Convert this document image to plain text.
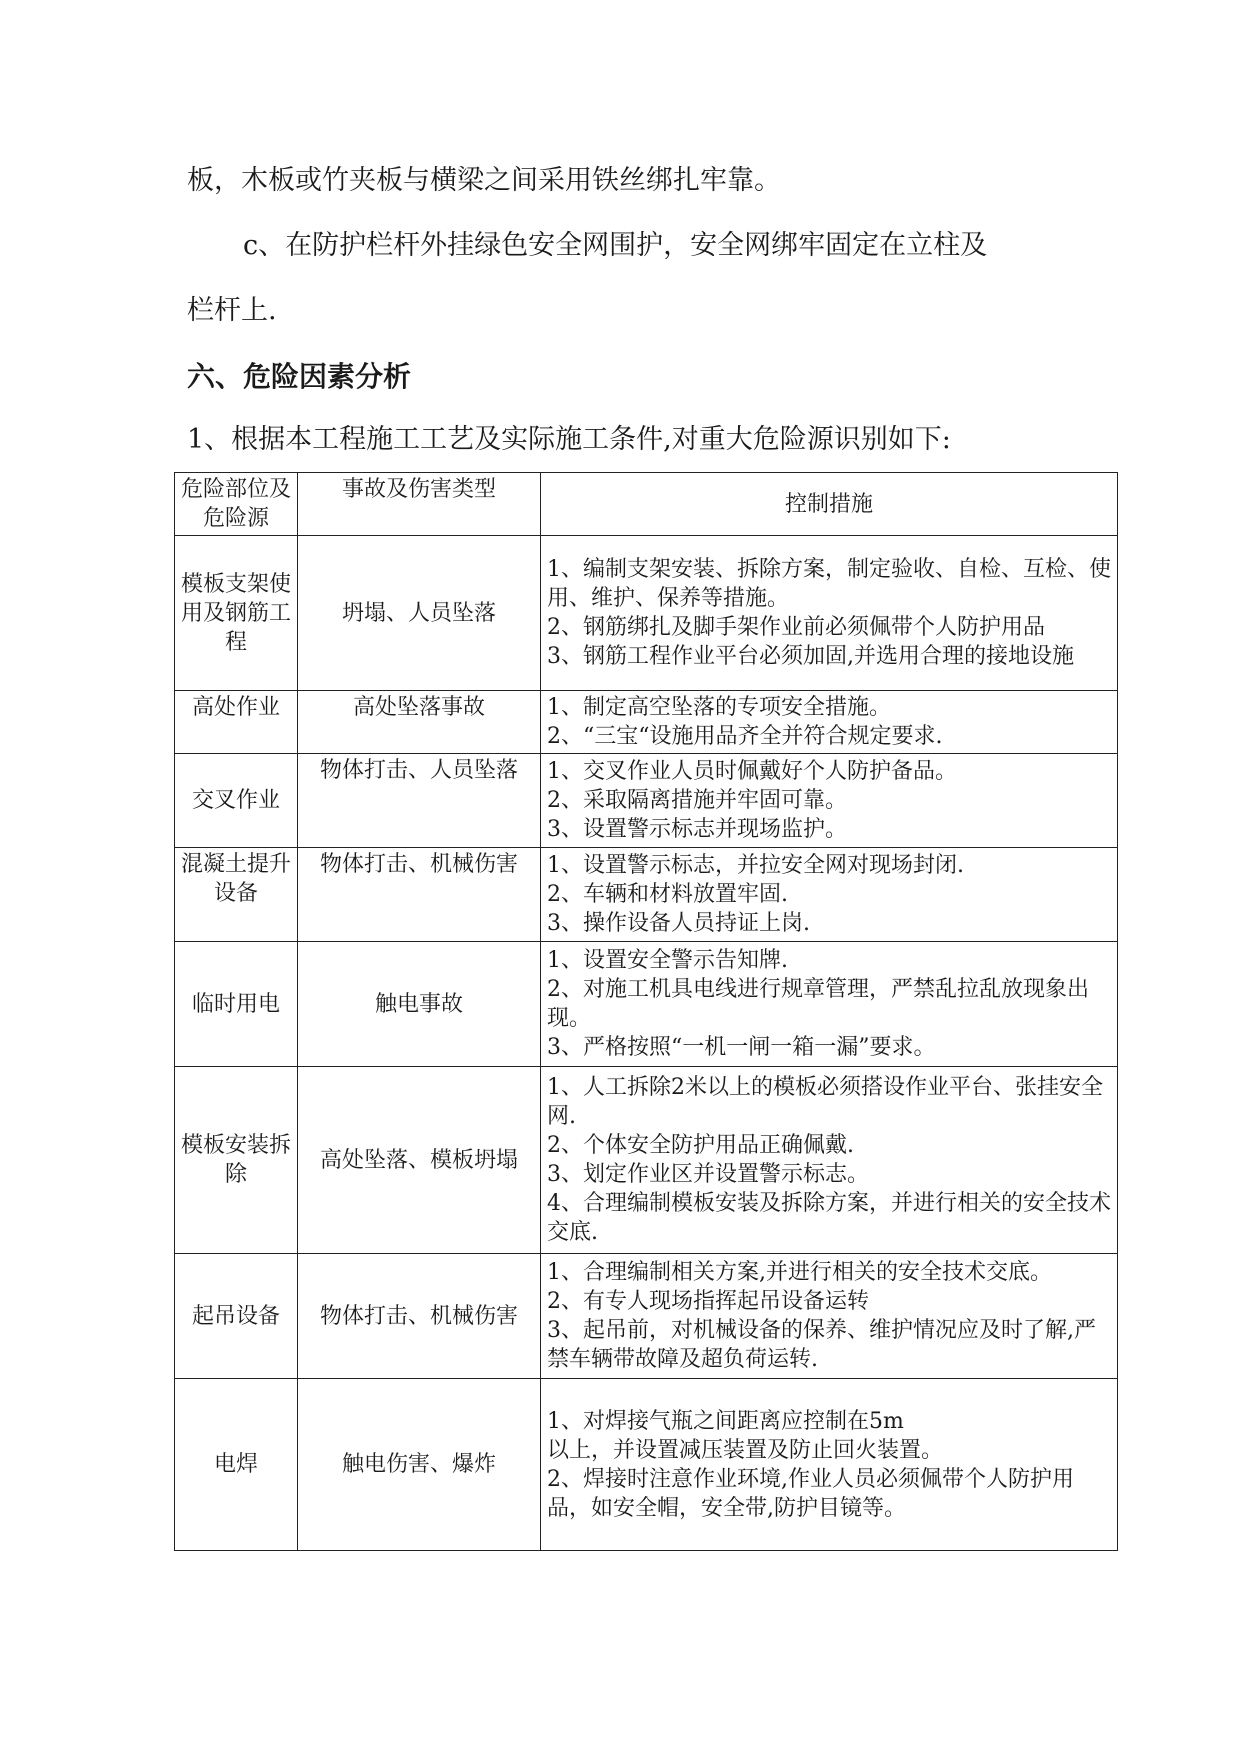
板，木板或竹夹板与横梁之间采用铁丝绑扎牢靠。
c、在防护栏杆外挂绿色安全网围护，安全网绑牢固定在立柱及
栏杆上.
六、危险因素分析
1、根据本工程施工工艺及实际施工条件,对重大危险源识别如下:
危险部位及危险源	事故及伤害类型	控制措施
模板支架使用及钢筋工程	坍塌、人员坠落	1、编制支架安装、拆除方案，制定验收、自检、互检、使用、维护、保养等措施。
2、钢筋绑扎及脚手架作业前必须佩带个人防护用品
3、钢筋工程作业平台必须加固,并选用合理的接地设施

高处作业	高处坠落事故	1、制定高空坠落的专项安全措施。
2、“三宝“设施用品齐全并符合规定要求.

交叉作业	物体打击、人员坠落	1、交叉作业人员时佩戴好个人防护备品。
2、采取隔离措施并牢固可靠。
3、设置警示标志并现场监护。

混凝土提升设备	物体打击、机械伤害	1、设置警示标志，并拉安全网对现场封闭.
2、车辆和材料放置牢固.
3、操作设备人员持证上岗.

临时用电	触电事故	1、设置安全警示告知牌.
2、对施工机具电线进行规章管理，严禁乱拉乱放现象出现。
3、严格按照“一机一闸一箱一漏”要求。

模板安装拆除	高处坠落、模板坍塌	1、人工拆除2米以上的模板必须搭设作业平台、张挂安全网.
2、个体安全防护用品正确佩戴.
3、划定作业区并设置警示标志。
4、合理编制模板安装及拆除方案，并进行相关的安全技术交底.

起吊设备	物体打击、机械伤害	1、合理编制相关方案,并进行相关的安全技术交底。
2、有专人现场指挥起吊设备运转
3、起吊前，对机械设备的保养、维护情况应及时了解,严禁车辆带故障及超负荷运转.

电焊	触电伤害、爆炸	1、对焊接气瓶之间距离应控制在5m
以上，并设置减压装置及防止回火装置。
2、焊接时注意作业环境,作业人员必须佩带个人防护用品，如安全帽，安全带,防护目镜等。
